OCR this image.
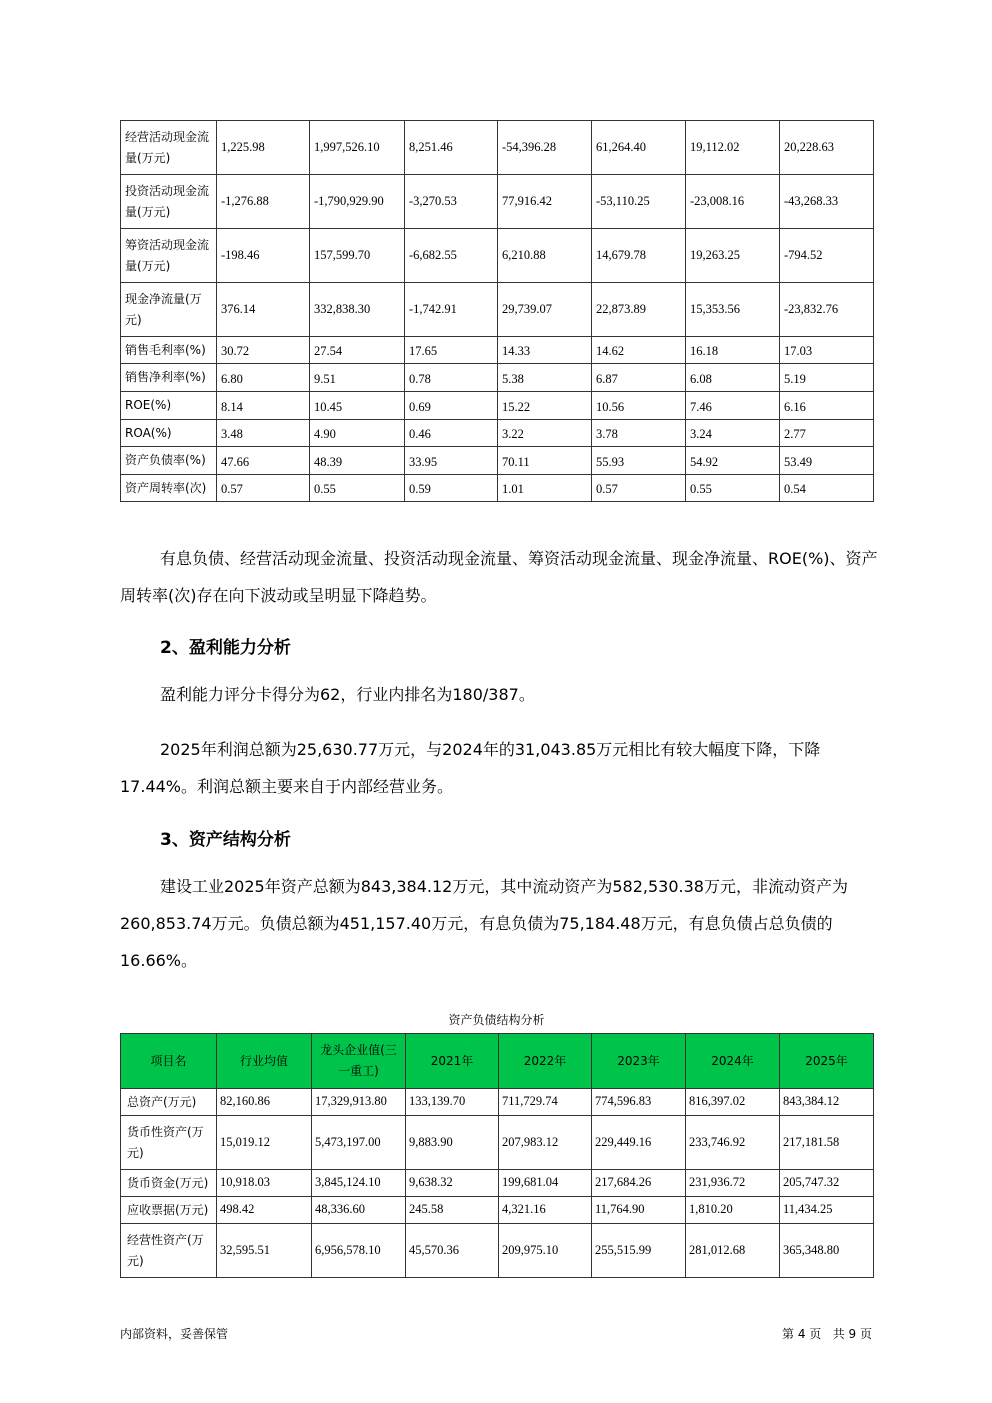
经营活动现金流量(万元)	1,225.98	1,997,526.10	8,251.46	-54,396.28	61,264.40	19,112.02	20,228.63
投资活动现金流量(万元)	-1,276.88	-1,790,929.90	-3,270.53	77,916.42	-53,110.25	-23,008.16	-43,268.33
筹资活动现金流量(万元)	-198.46	157,599.70	-6,682.55	6,210.88	14,679.78	19,263.25	-794.52
现金净流量(万元)	376.14	332,838.30	-1,742.91	29,739.07	22,873.89	15,353.56	-23,832.76
销售毛利率(%)	30.72	27.54	17.65	14.33	14.62	16.18	17.03
销售净利率(%)	6.80	9.51	0.78	5.38	6.87	6.08	5.19
ROE(%)	8.14	10.45	0.69	15.22	10.56	7.46	6.16
ROA(%)	3.48	4.90	0.46	3.22	3.78	3.24	2.77
资产负债率(%)	47.66	48.39	33.95	70.11	55.93	54.92	53.49
资产周转率(次)	0.57	0.55	0.59	1.01	0.57	0.55	0.54
有息负债、经营活动现金流量、投资活动现金流量、筹资活动现金流量、现金净流量、ROE(%)、资产周转率(次)存在向下波动或呈明显下降趋势。
2、盈利能力分析
盈利能力评分卡得分为62，行业内排名为180/387。
2025年利润总额为25,630.77万元，与2024年的31,043.85万元相比有较大幅度下降，下降17.44%。利润总额主要来自于内部经营业务。
3、资产结构分析
建设工业2025年资产总额为843,384.12万元，其中流动资产为582,530.38万元，非流动资产为260,853.74万元。负债总额为451,157.40万元，有息负债为75,184.48万元，有息负债占总负债的16.66%。
资产负债结构分析
项目名	行业均值	龙头企业值(三一重工)	2021年	2022年	2023年	2024年	2025年
总资产(万元)	82,160.86	17,329,913.80	133,139.70	711,729.74	774,596.83	816,397.02	843,384.12
货币性资产(万元)	15,019.12	5,473,197.00	9,883.90	207,983.12	229,449.16	233,746.92	217,181.58
货币资金(万元)	10,918.03	3,845,124.10	9,638.32	199,681.04	217,684.26	231,936.72	205,747.32
应收票据(万元)	498.42	48,336.60	245.58	4,321.16	11,764.90	1,810.20	11,434.25
经营性资产(万元)	32,595.51	6,956,578.10	45,570.36	209,975.10	255,515.99	281,012.68	365,348.80
内部资料，妥善保管	第 4 页   共 9 页
